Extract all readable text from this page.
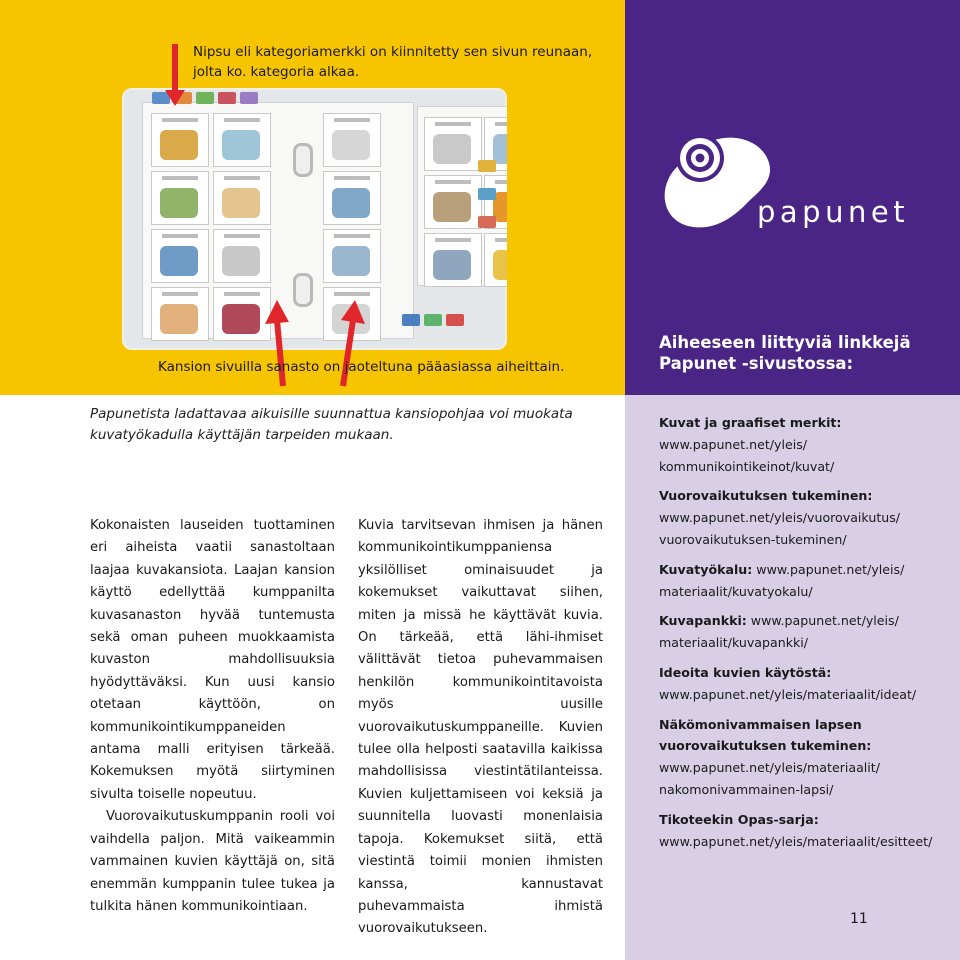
Nipsu eli kategoriamerkki on kiinnitetty sen sivun reunaan, jolta ko. kategoria alkaa.

Kansion sivuilla sanasto on jaoteltuna pääasiassa aiheittain.

papunet

Aiheeseen liittyviä linkkejä
Papunet -sivustossa:

Papunetista ladattavaa aikuisille suunnattua kansiopohjaa voi muokata kuvatyökadulla käyttäjän tarpeiden mukaan.

Kokonaisten lauseiden tuottaminen eri aiheista vaatii sanastoltaan laajaa kuvakansiota. Laajan kansion käyttö edellyttää kumppanilta kuvasanaston hyvää tuntemusta sekä oman puheen muokkaamista kuvaston mahdollisuuksia hyödyttäväksi. Kun uusi kansio otetaan käyttöön, on kommunikointikumppaneiden antama malli erityisen tärkeää. Kokemuksen myötä siirtyminen sivulta toiselle nopeutuu.

Vuorovaikutuskumppanin rooli voi vaihdella paljon. Mitä vaikeammin vammainen kuvien käyttäjä on, sitä enemmän kumppanin tulee tukea ja tulkita hänen kommunikointiaan.

Kuvia tarvitsevan ihmisen ja hänen kommunikointikumppaniensa yksilölliset ominaisuudet ja kokemukset vaikuttavat siihen, miten ja missä he käyttävät kuvia. On tärkeää, että lähi-ihmiset välittävät tietoa puhevammaisen henkilön kommunikointitavoista myös uusille vuorovaikutuskumppaneille. Kuvien tulee olla helposti saatavilla kaikissa mahdollisissa viestintätilanteissa. Kuvien kuljettamiseen voi keksiä ja suunnitella luovasti monenlaisia tapoja. Kokemukset siitä, että viestintä toimii monien ihmisten kanssa, kannustavat puhevammaista ihmistä vuorovaikutukseen.

Kuvat ja graafiset merkit:

www.papunet.net/yleis/

kommunikointikeinot/kuvat/

Vuorovaikutuksen tukeminen:

www.papunet.net/yleis/vuorovaikutus/

vuorovaikutuksen-tukeminen/

Kuvatyökalu: www.papunet.net/yleis/

materiaalit/kuvatyokalu/

Kuvapankki: www.papunet.net/yleis/

materiaalit/kuvapankki/

Ideoita kuvien käytöstä:

www.papunet.net/yleis/materiaalit/ideat/

Näkömonivammaisen lapsen

vuorovaikutuksen tukeminen:

www.papunet.net/yleis/materiaalit/

nakomonivammainen-lapsi/

Tikoteekin Opas-sarja:

www.papunet.net/yleis/materiaalit/esitteet/

11
